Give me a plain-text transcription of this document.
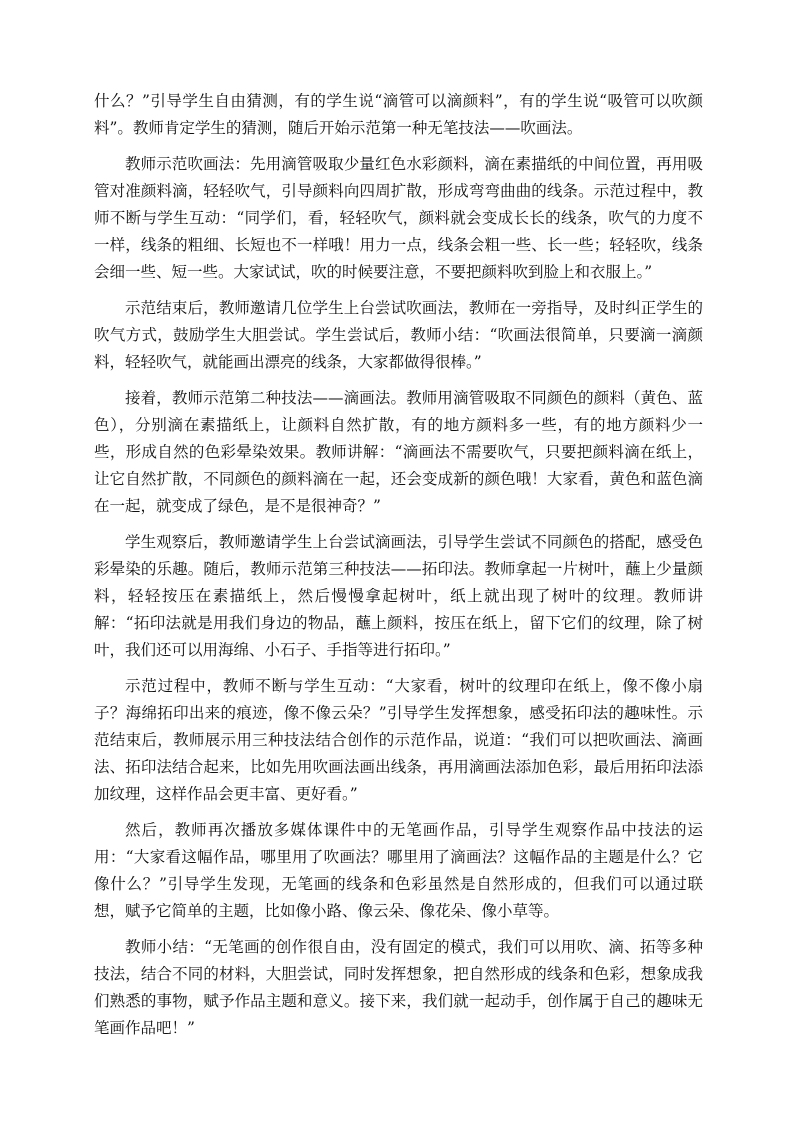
什么？”引导学生自由猜测，有的学生说“滴管可以滴颜料”，有的学生说“吸管可以吹颜料”。教师肯定学生的猜测，随后开始示范第一种无笔技法——吹画法。

教师示范吹画法：先用滴管吸取少量红色水彩颜料，滴在素描纸的中间位置，再用吸管对准颜料滴，轻轻吹气，引导颜料向四周扩散，形成弯弯曲曲的线条。示范过程中，教师不断与学生互动：“同学们，看，轻轻吹气，颜料就会变成长长的线条，吹气的力度不一样，线条的粗细、长短也不一样哦！用力一点，线条会粗一些、长一些；轻轻吹，线条会细一些、短一些。大家试试，吹的时候要注意，不要把颜料吹到脸上和衣服上。”

示范结束后，教师邀请几位学生上台尝试吹画法，教师在一旁指导，及时纠正学生的吹气方式，鼓励学生大胆尝试。学生尝试后，教师小结：“吹画法很简单，只要滴一滴颜料，轻轻吹气，就能画出漂亮的线条，大家都做得很棒。”

接着，教师示范第二种技法——滴画法。教师用滴管吸取不同颜色的颜料（黄色、蓝色），分别滴在素描纸上，让颜料自然扩散，有的地方颜料多一些，有的地方颜料少一些，形成自然的色彩晕染效果。教师讲解：“滴画法不需要吹气，只要把颜料滴在纸上，让它自然扩散，不同颜色的颜料滴在一起，还会变成新的颜色哦！大家看，黄色和蓝色滴在一起，就变成了绿色，是不是很神奇？”

学生观察后，教师邀请学生上台尝试滴画法，引导学生尝试不同颜色的搭配，感受色彩晕染的乐趣。随后，教师示范第三种技法——拓印法。教师拿起一片树叶，蘸上少量颜料，轻轻按压在素描纸上，然后慢慢拿起树叶，纸上就出现了树叶的纹理。教师讲解：“拓印法就是用我们身边的物品，蘸上颜料，按压在纸上，留下它们的纹理，除了树叶，我们还可以用海绵、小石子、手指等进行拓印。”

示范过程中，教师不断与学生互动：“大家看，树叶的纹理印在纸上，像不像小扇子？海绵拓印出来的痕迹，像不像云朵？”引导学生发挥想象，感受拓印法的趣味性。示范结束后，教师展示用三种技法结合创作的示范作品，说道：“我们可以把吹画法、滴画法、拓印法结合起来，比如先用吹画法画出线条，再用滴画法添加色彩，最后用拓印法添加纹理，这样作品会更丰富、更好看。”

然后，教师再次播放多媒体课件中的无笔画作品，引导学生观察作品中技法的运用：“大家看这幅作品，哪里用了吹画法？哪里用了滴画法？这幅作品的主题是什么？它像什么？”引导学生发现，无笔画的线条和色彩虽然是自然形成的，但我们可以通过联想，赋予它简单的主题，比如像小路、像云朵、像花朵、像小草等。

教师小结：“无笔画的创作很自由，没有固定的模式，我们可以用吹、滴、拓等多种技法，结合不同的材料，大胆尝试，同时发挥想象，把自然形成的线条和色彩，想象成我们熟悉的事物，赋予作品主题和意义。接下来，我们就一起动手，创作属于自己的趣味无笔画作品吧！”
